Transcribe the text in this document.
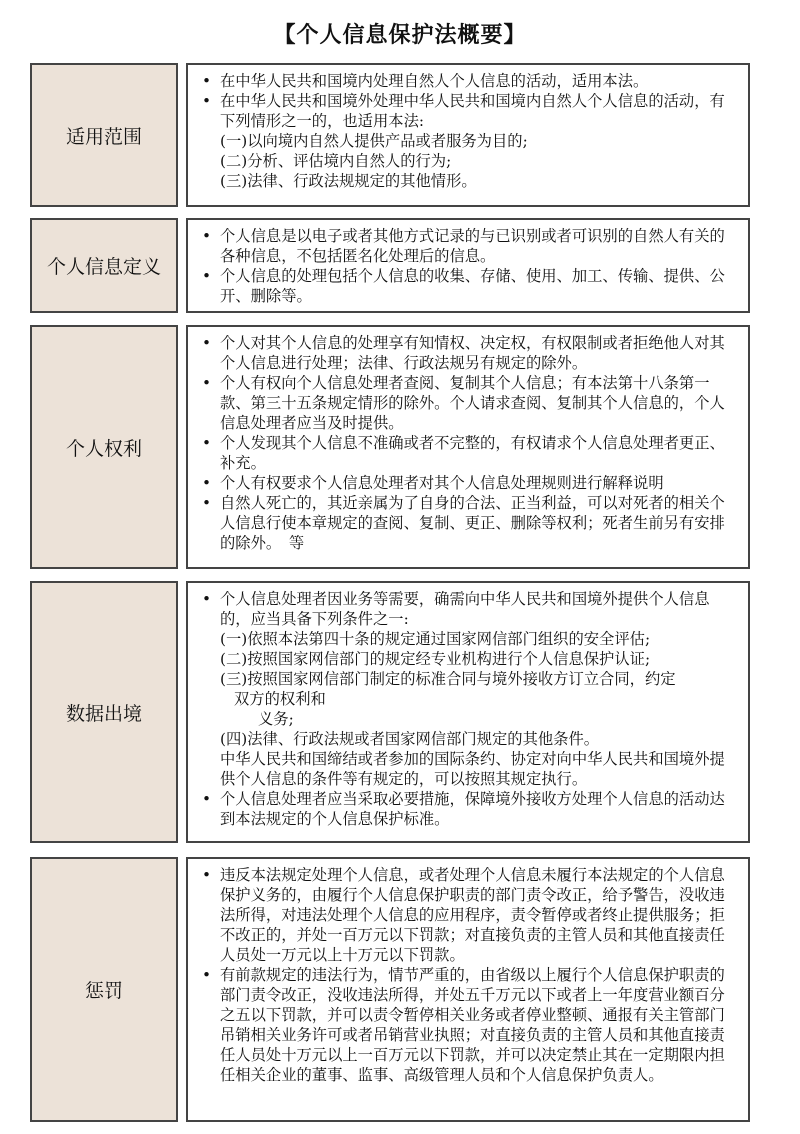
【个人信息保护法概要】
适用范围
• 在中华人民共和国境内处理自然人个人信息的活动，适用本法。
• 在中华人民共和国境外处理中华人民共和国境内自然人个人信息的活动，有下列情形之一的，也适用本法:
(一)以向境内自然人提供产品或者服务为目的;
(二)分析、评估境内自然人的行为;
(三)法律、行政法规规定的其他情形。
个人信息定义
• 个人信息是以电子或者其他方式记录的与已识别或者可识别的自然人有关的各种信息，不包括匿名化处理后的信息。
• 个人信息的处理包括个人信息的收集、存储、使用、加工、传输、提供、公开、删除等。
个人权利
• 个人对其个人信息的处理享有知情权、决定权，有权限制或者拒绝他人对其个人信息进行处理；法律、行政法规另有规定的除外。
• 个人有权向个人信息处理者查阅、复制其个人信息；有本法第十八条第一款、第三十五条规定情形的除外。个人请求查阅、复制其个人信息的，个人信息处理者应当及时提供。
• 个人发现其个人信息不准确或者不完整的，有权请求个人信息处理者更正、补充。
• 个人有权要求个人信息处理者对其个人信息处理规则进行解释说明
• 自然人死亡的，其近亲属为了自身的合法、正当利益，可以对死者的相关个人信息行使本章规定的查阅、复制、更正、删除等权利；死者生前另有安排的除外。　等
数据出境
• 个人信息处理者因业务等需要，确需向中华人民共和国境外提供个人信息的，应当具备下列条件之一:
(一)依照本法第四十条的规定通过国家网信部门组织的安全评估;
(二)按照国家网信部门的规定经专业机构进行个人信息保护认证;
(三)按照国家网信部门制定的标准合同与境外接收方订立合同，约定
双方的权利和
义务;
(四)法律、行政法规或者国家网信部门规定的其他条件。
中华人民共和国缔结或者参加的国际条约、协定对向中华人民共和国境外提供个人信息的条件等有规定的，可以按照其规定执行。
• 个人信息处理者应当采取必要措施，保障境外接收方处理个人信息的活动达到本法规定的个人信息保护标准。
惩罚
• 违反本法规定处理个人信息，或者处理个人信息未履行本法规定的个人信息保护义务的，由履行个人信息保护职责的部门责令改正，给予警告，没收违法所得，对违法处理个人信息的应用程序，责令暂停或者终止提供服务；拒不改正的，并处一百万元以下罚款；对直接负责的主管人员和其他直接责任人员处一万元以上十万元以下罚款。
• 有前款规定的违法行为，情节严重的，由省级以上履行个人信息保护职责的部门责令改正，没收违法所得，并处五千万元以下或者上一年度营业额百分之五以下罚款，并可以责令暂停相关业务或者停业整顿、通报有关主管部门吊销相关业务许可或者吊销营业执照；对直接负责的主管人员和其他直接责任人员处十万元以上一百万元以下罚款，并可以决定禁止其在一定期限内担任相关企业的董事、监事、高级管理人员和个人信息保护负责人。
